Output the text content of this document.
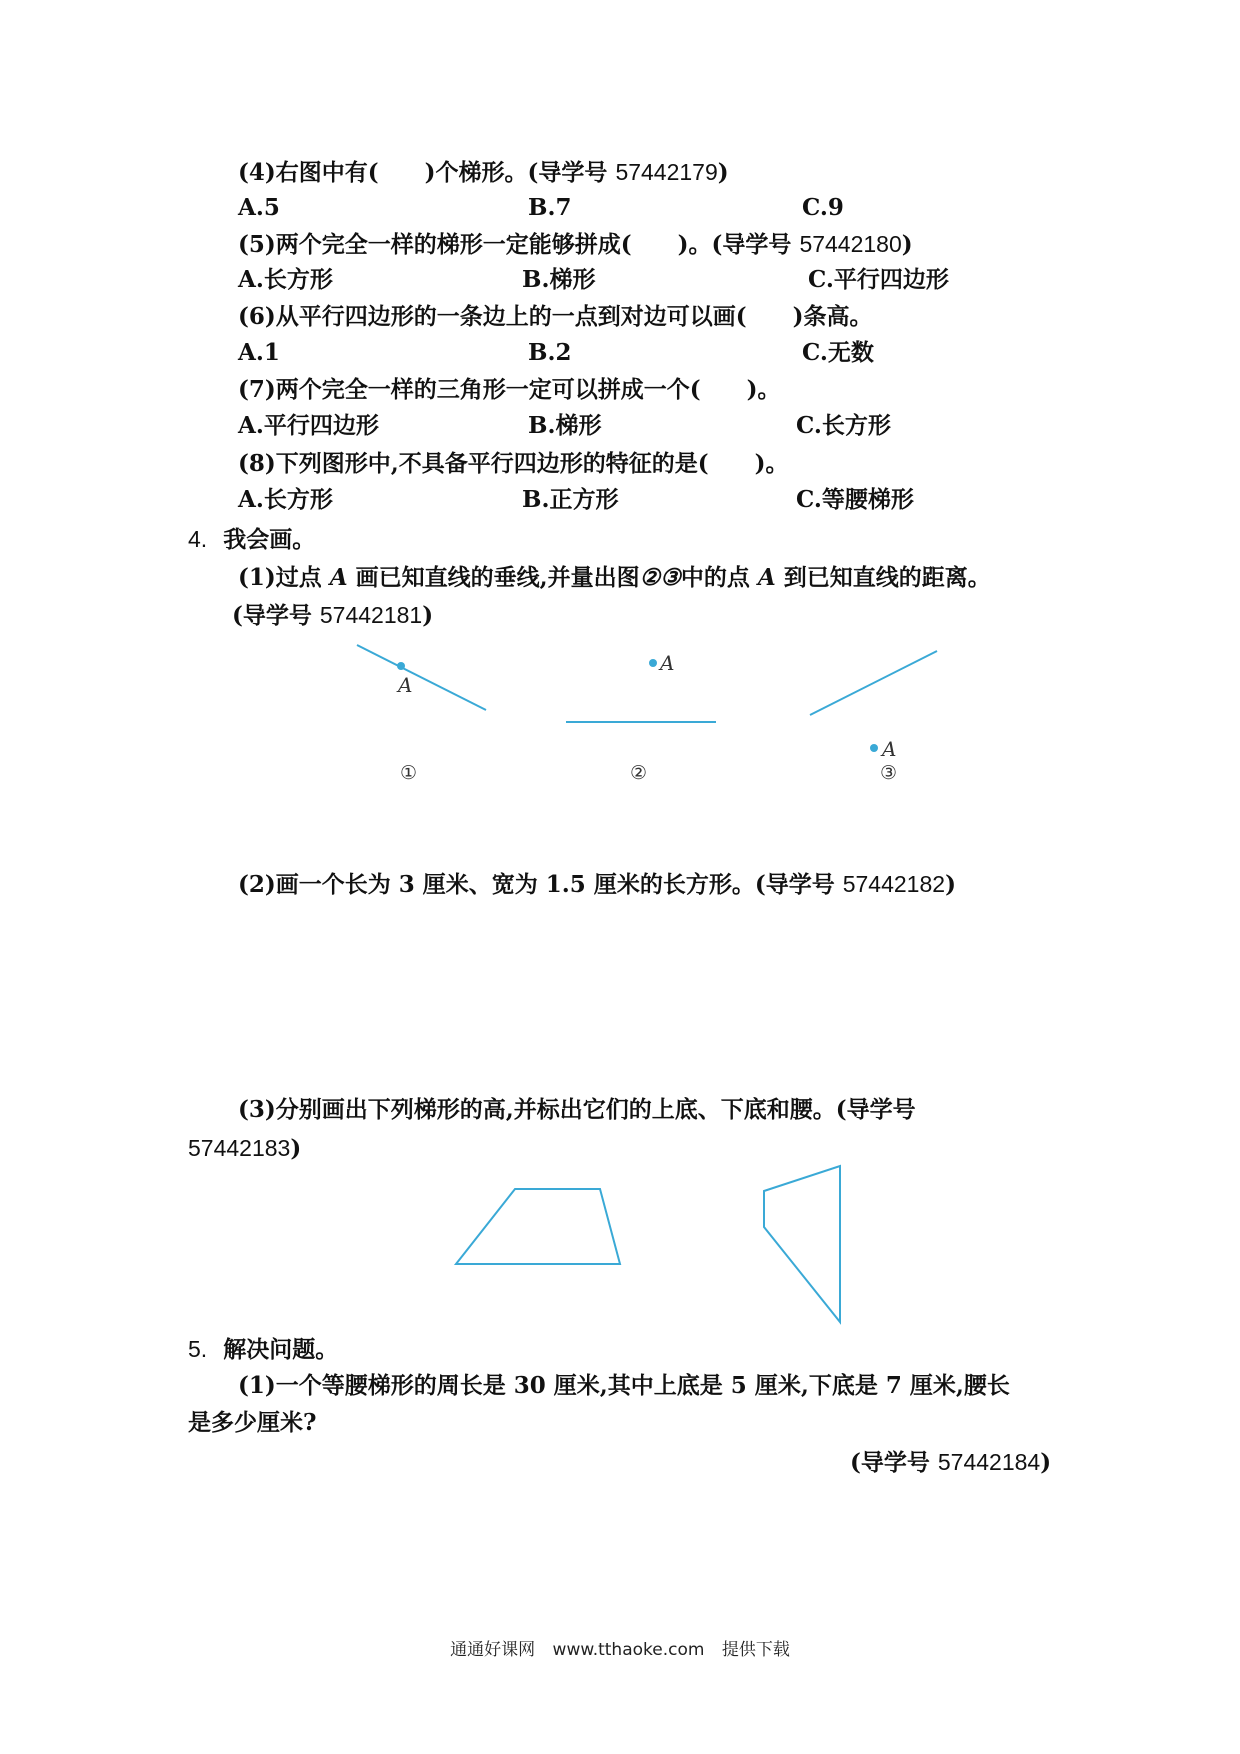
(4)右图中有(　　)个梯形。(导学号 57442179)
A.5	B.7	C.9
(5)两个完全一样的梯形一定能够拼成(　　)。(导学号 57442180)
A.长方形	B.梯形	C.平行四边形
(6)从平行四边形的一条边上的一点到对边可以画(　　)条高。
A.1	B.2	C.无数
(7)两个完全一样的三角形一定可以拼成一个(　　)。
A.平行四边形	B.梯形	C.长方形
(8)下列图形中,不具备平行四边形的特征的是(　　)。
A.长方形	B.正方形	C.等腰梯形
4. 我会画。
(1)过点 A 画已知直线的垂线,并量出图②③中的点 A 到已知直线的距离。
(导学号 57442181)
A
①
A
②
A
③
(2)画一个长为 3 厘米、宽为 1.5 厘米的长方形。(导学号 57442182)
(3)分别画出下列梯形的高,并标出它们的上底、下底和腰。(导学号
57442183)
5. 解决问题。
(1)一个等腰梯形的周长是 30 厘米,其中上底是 5 厘米,下底是 7 厘米,腰长
是多少厘米?
(导学号 57442184)
通通好课网 www.tthaoke.com 提供下载
